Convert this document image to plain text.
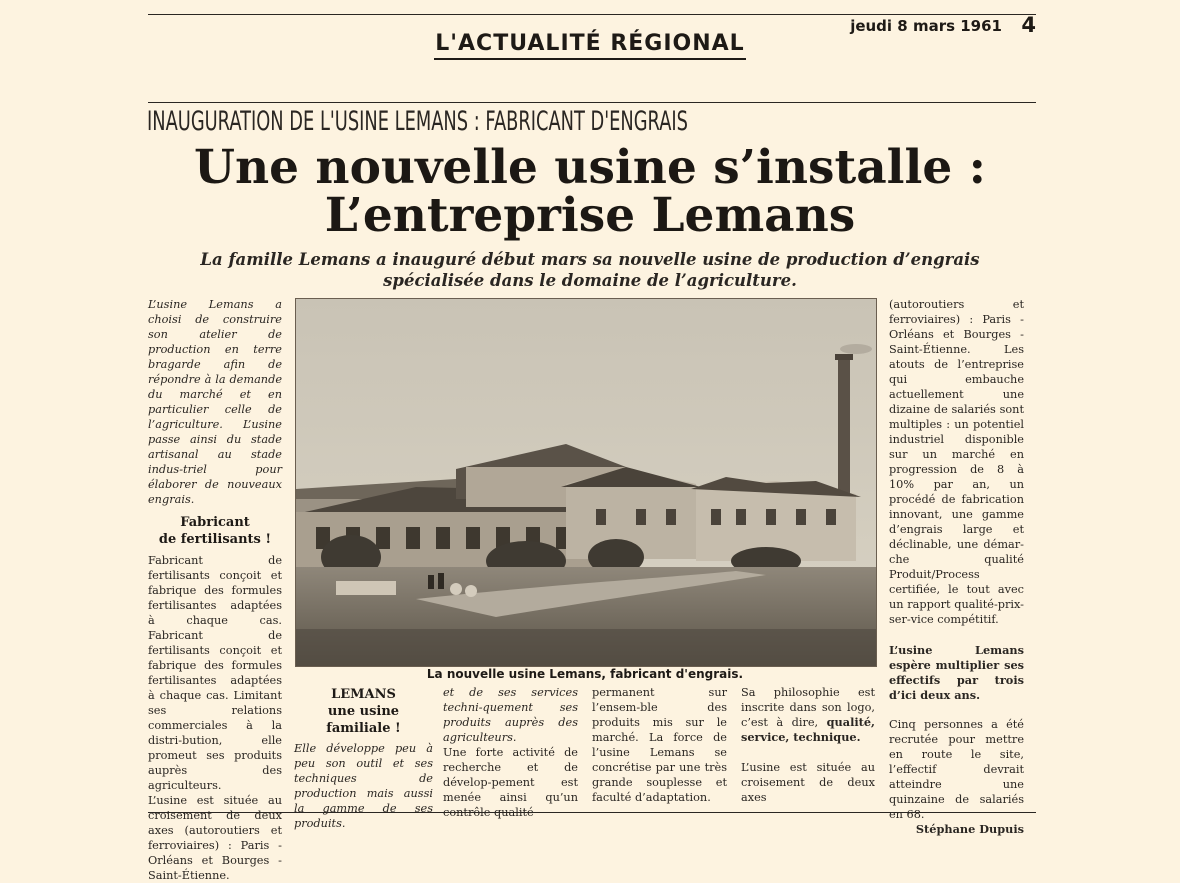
L'ACTUALITÉ RÉGIONAL
jeudi 8 mars 1961 4
INAUGURATION DE L'USINE LEMANS : FABRICANT D'ENGRAIS
Une nouvelle usine s’installe :
L’entreprise Lemans
La famille Lemans a inauguré début mars sa nouvelle usine de production d’engrais
spécialisée dans le domaine de l’agriculture.

L’usine Lemans a choisi de construire son atelier de production en terre bragarde afin de répondre à la demande du marché et en particulier celle de l’agriculture. L’usine passe ainsi du stade artisanal au stade indus-triel pour élaborer de nouveaux engrais.

Fabricant
de fertilisants !

Fabricant de fertilisants conçoit et fabrique des formules fertilisantes adaptées à chaque cas. Fabricant de fertilisants conçoit et fabrique des formules fertilisantes adaptées à chaque cas. Limitant ses relations commerciales à la distri-bution, elle promeut ses produits auprès des agriculteurs.

L’usine est située au croisement de deux axes (autoroutiers et ferroviaires) : Paris - Orléans et Bourges - Saint-Étienne.

La nouvelle usine Lemans, fabricant d'engrais.
LEMANS
une usine familiale !

Elle développe peu à peu son outil et ses techniques de production mais aussi la gamme de ses produits.

et de ses services techni-quement ses produits auprès des agriculteurs.

Une forte activité de recherche et de dévelop-pement est menée ainsi qu’un contrôle qualité

permanent sur l’ensem-ble des produits mis sur le marché. La force de l’usine Lemans se concrétise par une très grande souplesse et faculté d’adaptation.

Sa philosophie est inscrite dans son logo, c’est à dire, qualité, service, technique.

L’usine est située au croisement de deux axes

(autoroutiers et ferroviaires) : Paris - Orléans et Bourges - Saint-Étienne. Les atouts de l’entreprise qui embauche actuellement une dizaine de salariés sont multiples : un potentiel industriel disponible sur un marché en progression de 8 à 10% par an, un procédé de fabrication innovant, une gamme d’engrais large et déclinable, une démar-che qualité Produit/Process certifiée, le tout avec un rapport qualité-prix-ser-vice compétitif.

L’usine Lemans espère multiplier ses effectifs par trois d’ici deux ans.

Cinq personnes a été recrutée pour mettre en route le site, l’effectif devrait atteindre une quinzaine de salariés en 68.

Stéphane Dupuis
